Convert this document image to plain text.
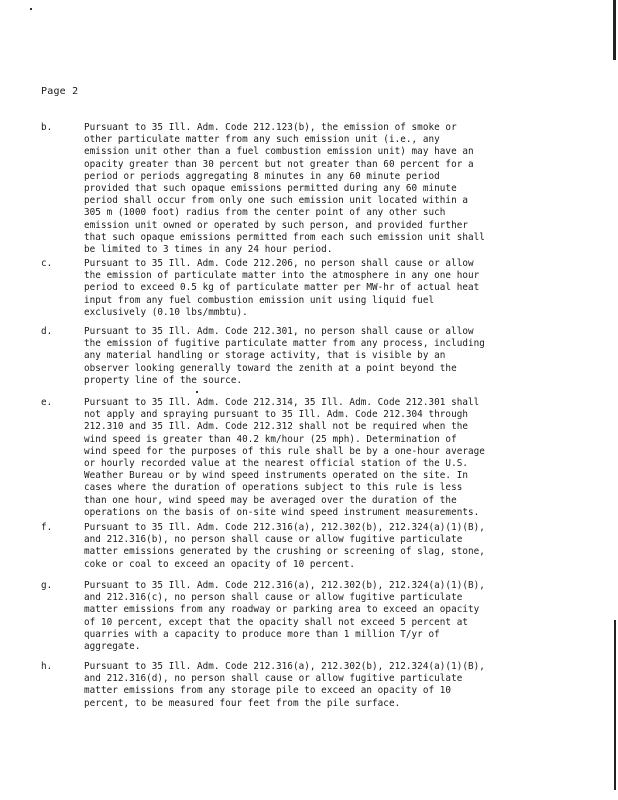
Page 2
b.	Pursuant to 35 Ill. Adm. Code 212.123(b), the emission of smoke or
other particulate matter from any such emission unit (i.e., any
emission unit other than a fuel combustion emission unit) may have an
opacity greater than 30 percent but not greater than 60 percent for a
period or periods aggregating 8 minutes in any 60 minute period
provided that such opaque emissions permitted during any 60 minute
period shall occur from only one such emission unit located within a
305 m (1000 foot) radius from the center point of any other such
emission unit owned or operated by such person, and provided further
that such opaque emissions permitted from each such emission unit shall
be limited to 3 times in any 24 hour period.
c.	Pursuant to 35 Ill. Adm. Code 212.206, no person shall cause or allow
the emission of particulate matter into the atmosphere in any one hour
period to exceed 0.5 kg of particulate matter per MW-hr of actual heat
input from any fuel combustion emission unit using liquid fuel
exclusively (0.10 lbs/mmbtu).
d.	Pursuant to 35 Ill. Adm. Code 212.301, no person shall cause or allow
the emission of fugitive particulate matter from any process, including
any material handling or storage activity, that is visible by an
observer looking generally toward the zenith at a point beyond the
property line of the source.
e.	Pursuant to 35 Ill. Adm. Code 212.314, 35 Ill. Adm. Code 212.301 shall
not apply and spraying pursuant to 35 Ill. Adm. Code 212.304 through
212.310 and 35 Ill. Adm. Code 212.312 shall not be required when the
wind speed is greater than 40.2 km/hour (25 mph). Determination of
wind speed for the purposes of this rule shall be by a one-hour average
or hourly recorded value at the nearest official station of the U.S.
Weather Bureau or by wind speed instruments operated on the site. In
cases where the duration of operations subject to this rule is less
than one hour, wind speed may be averaged over the duration of the
operations on the basis of on-site wind speed instrument measurements.
f.	Pursuant to 35 Ill. Adm. Code 212.316(a), 212.302(b), 212.324(a)(1)(B),
and 212.316(b), no person shall cause or allow fugitive particulate
matter emissions generated by the crushing or screening of slag, stone,
coke or coal to exceed an opacity of 10 percent.
g.	Pursuant to 35 Ill. Adm. Code 212.316(a), 212.302(b), 212.324(a)(1)(B),
and 212.316(c), no person shall cause or allow fugitive particulate
matter emissions from any roadway or parking area to exceed an opacity
of 10 percent, except that the opacity shall not exceed 5 percent at
quarries with a capacity to produce more than 1 million T/yr of
aggregate.
h.	Pursuant to 35 Ill. Adm. Code 212.316(a), 212.302(b), 212.324(a)(1)(B),
and 212.316(d), no person shall cause or allow fugitive particulate
matter emissions from any storage pile to exceed an opacity of 10
percent, to be measured four feet from the pile surface.
